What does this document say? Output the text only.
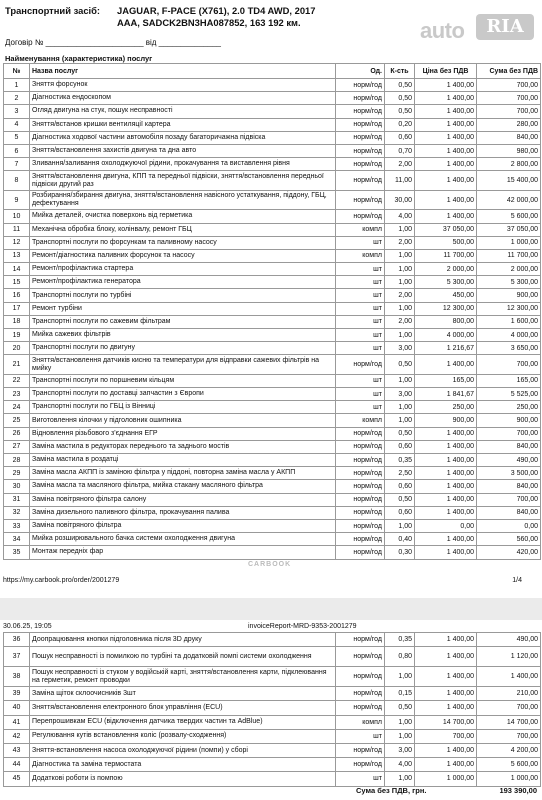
Транспортний засіб: JAGUAR, F-PACE (X761), 2.0 TD4 AWD, 2017
AAA, SADCK2BN3HA087852, 163 192 км.
Договір № ______________________ від ______________	auto	RIA
Найменування (характеристика) послуг
№	Назва послуг	Од.	К-сть	Ціна без ПДВ	Сума без ПДВ
1	Зняття форсунок	норм/год	0,50	1 400,00	700,00
2	Діагностика ендоскопом	норм/год	0,50	1 400,00	700,00
3	Огляд двигуна на стук, пошук несправності	норм/год	0,50	1 400,00	700,00
4	Зняття/встанов кришки вентиляції картера	норм/год	0,20	1 400,00	280,00
5	Діагностика ходової частини автомобіля позаду багаторичажна підвіска	норм/год	0,60	1 400,00	840,00
6	Зняття/встановлення захистів двигуна та дна авто	норм/год	0,70	1 400,00	980,00
7	Зливання/заливання охолоджуючої рідини, прокачування та виставлення рівня	норм/год	2,00	1 400,00	2 800,00
8	Зняття/встановлення двигуна, КПП та передньої підвіски, зняття/встановлення передньої підвіски другий раз	норм/год	11,00	1 400,00	15 400,00
9	Розбирання/збирання двигуна, зняття/встановлення навісного устаткування, піддону, ГБЦ, дефектування	норм/год	30,00	1 400,00	42 000,00
10	Мийка деталей, очистка поверхонь від герметика	норм/год	4,00	1 400,00	5 600,00
11	Механічна обробка блоку, колінвалу, ремонт ГБЦ	компл	1,00	37 050,00	37 050,00
12	Транспортні послуги по форсункам та паливному насосу	шт	2,00	500,00	1 000,00
13	Ремонт/діагностика паливних форсунок та насосу	компл	1,00	11 700,00	11 700,00
14	Ремонт/профілактика стартера	шт	1,00	2 000,00	2 000,00
15	Ремонт/профілактика генератора	шт	1,00	5 300,00	5 300,00
16	Транспортні послуги по турбіні	шт	2,00	450,00	900,00
17	Ремонт турбіни	шт	1,00	12 300,00	12 300,00
18	Транспортні послуги по сажевим фільтрам	шт	2,00	800,00	1 600,00
19	Мийка сажевих фільтрів	шт	1,00	4 000,00	4 000,00
20	Транспортні послуги по двигуну	шт	3,00	1 216,67	3 650,00
21	Зняття/встановлення датчиків кисню та температури для відправки сажевих фільтрів на мийку	норм/год	0,50	1 400,00	700,00
22	Транспортні послуги по поршневим кільцям	шт	1,00	165,00	165,00
23	Транспортні послуги по доставці запчастин з Європи	шт	3,00	1 841,67	5 525,00
24	Транспортні послуги по ГБЦ із Вінниці	шт	1,00	250,00	250,00
25	Виготовлення кілочки у підголовник ошипника	компл	1,00	900,00	900,00
26	Відновлення різьбового з'єднання ЕГР	норм/год	0,50	1 400,00	700,00
27	Заміна мастила в редукторах переднього та заднього мостів	норм/год	0,60	1 400,00	840,00
28	Заміна мастила в роздатці	норм/год	0,35	1 400,00	490,00
29	Заміна масла АКПП із заміною фільтра у піддоні, повторна заміна масла у АКПП	норм/год	2,50	1 400,00	3 500,00
30	Заміна масла та масляного фільтра, мийка стакану масляного фільтра	норм/год	0,60	1 400,00	840,00
31	Заміна повітряного фільтра салону	норм/год	0,50	1 400,00	700,00
32	Заміна дизельного паливного фільтра, прокачування палива	норм/год	0,60	1 400,00	840,00
33	Заміна повітряного фільтра	норм/год	1,00	0,00	0,00
34	Мийка розширювального бачка системи охолодження двигуна	норм/год	0,40	1 400,00	560,00
35	Монтаж передніх фар	норм/год	0,30	1 400,00	420,00
CARBOOK
https://my.carbook.pro/order/2001279	1/4
30.06.25, 19:05	invoiceReport-MRD-9353-2001279
36	Доопрацювання кнопки підголовника після 3D друку	норм/год	0,35	1 400,00	490,00
37	Пошук несправності із помилкою по турбіні та додатковій помпі системи охолодження	норм/год	0,80	1 400,00	1 120,00
38	Пошук несправності із стуком у водійській карті, зняття/встановлення карти, підклеювання на герметик, ремонт проводки	норм/год	1,00	1 400,00	1 400,00
39	Заміна щіток склоочисників 3шт	норм/год	0,15	1 400,00	210,00
40	Зняття/встановлення електронного блок управління (ECU)	норм/год	0,50	1 400,00	700,00
41	Перепрошивкам ECU (відключення датчика твердих частин та AdBlue)	компл	1,00	14 700,00	14 700,00
42	Регулювання кутів встановлення коліс (розвалу-сходження)	шт	1,00	700,00	700,00
43	Зняття-встановлення насоса охолоджуючої рідини (помпи) у сборі	норм/год	3,00	1 400,00	4 200,00
44	Діагностика та заміна термостата	норм/год	4,00	1 400,00	5 600,00
45	Додаткові роботи із помпою	шт	1,00	1 000,00	1 000,00
Сума без ПДВ, грн.	193 390,00
